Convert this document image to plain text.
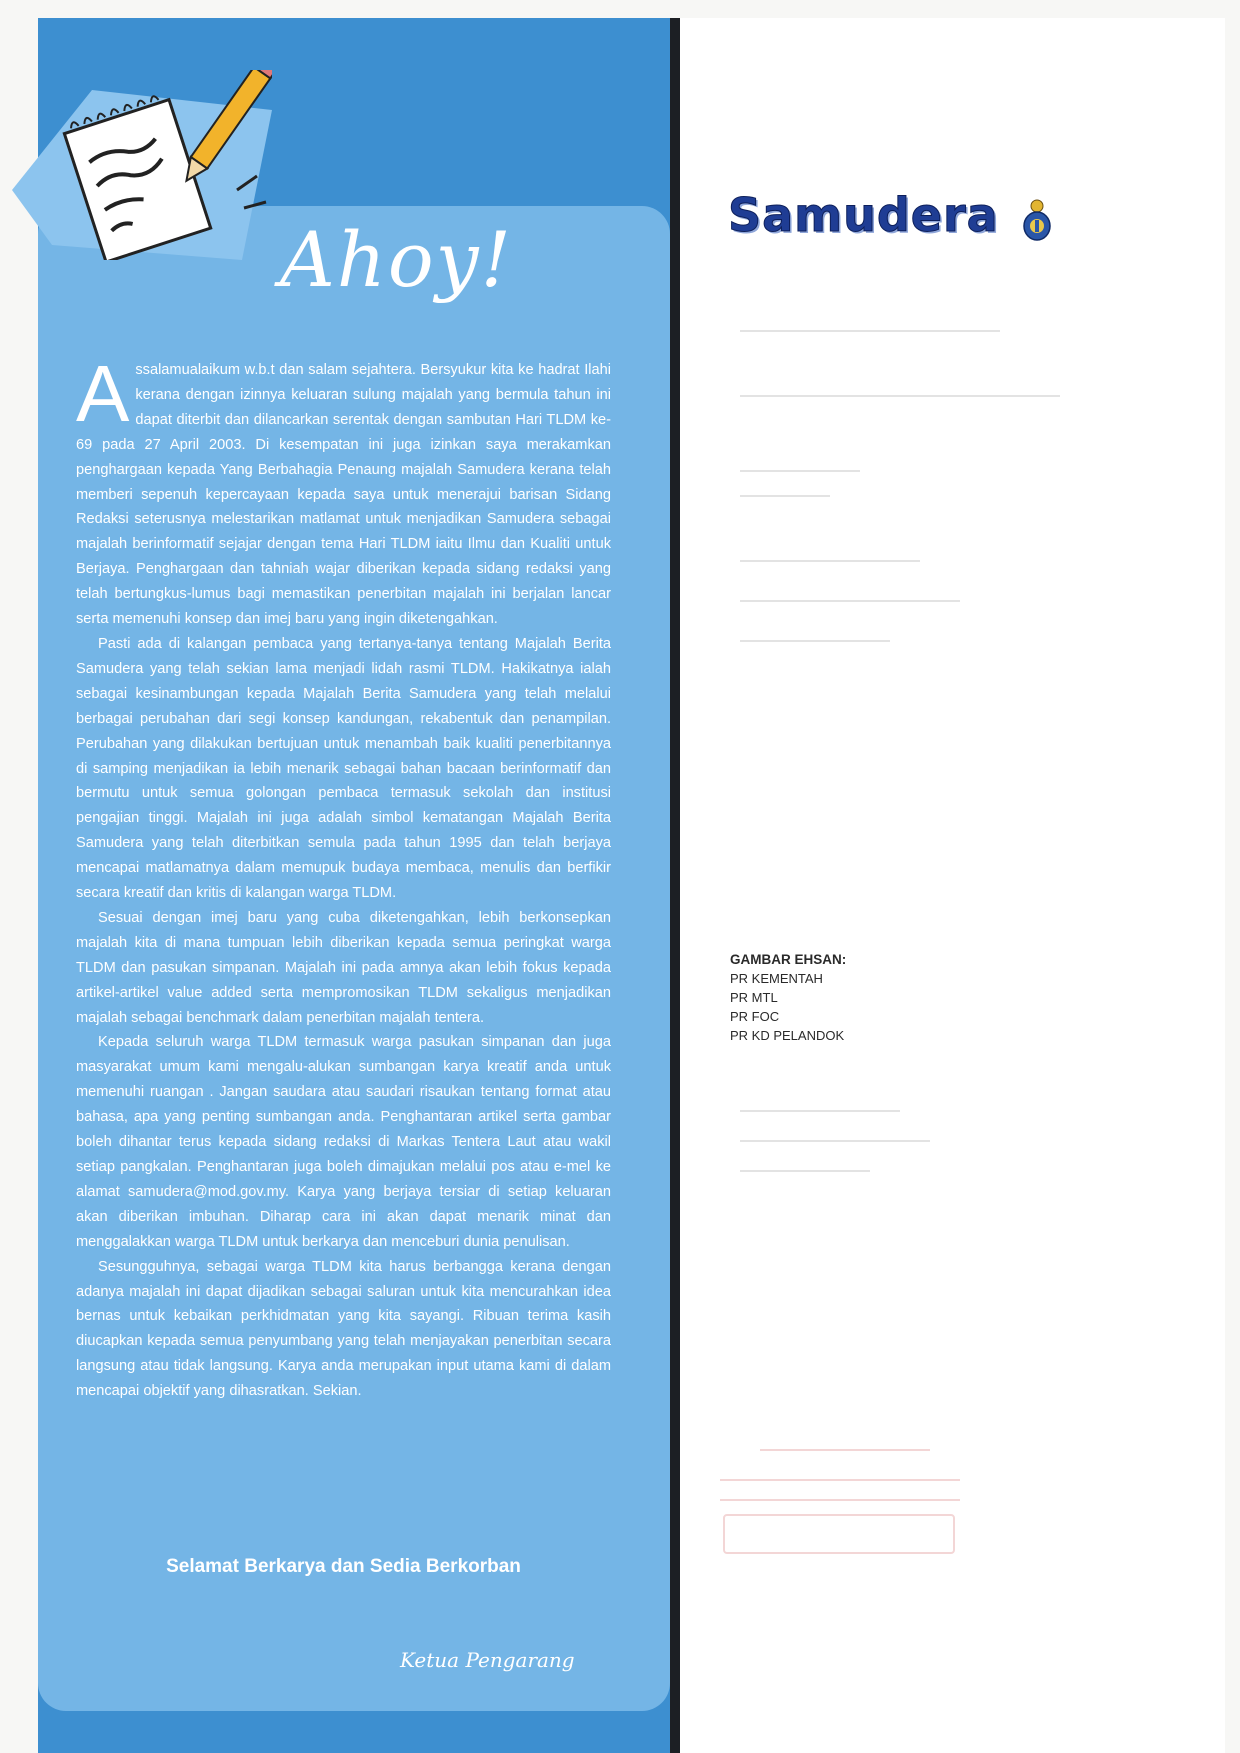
Ahoy!

Assalamualaikum w.b.t dan salam sejahtera. Bersyukur kita ke hadrat Ilahi kerana dengan izinnya keluaran sulung majalah yang bermula tahun ini dapat diterbit dan dilancarkan serentak dengan sambutan Hari TLDM ke-69 pada 27 April 2003. Di kesempatan ini juga izinkan saya merakamkan penghargaan kepada Yang Berbahagia Penaung majalah Samudera kerana telah memberi sepenuh kepercayaan kepada saya untuk menerajui barisan Sidang Redaksi seterusnya melestarikan matlamat untuk menjadikan Samudera sebagai majalah berinformatif sejajar dengan tema Hari TLDM iaitu Ilmu dan Kualiti untuk Berjaya. Penghargaan dan tahniah wajar diberikan kepada sidang redaksi yang telah bertungkus-lumus bagi memastikan penerbitan majalah ini berjalan lancar serta memenuhi konsep dan imej baru yang ingin diketengahkan.

Pasti ada di kalangan pembaca yang tertanya-tanya tentang Majalah Berita Samudera yang telah sekian lama menjadi lidah rasmi TLDM. Hakikatnya ialah sebagai kesinambungan kepada Majalah Berita Samudera yang telah melalui berbagai perubahan dari segi konsep kandungan, rekabentuk dan penampilan. Perubahan yang dilakukan bertujuan untuk menambah baik kualiti penerbitannya di samping menjadikan ia lebih menarik sebagai bahan bacaan berinformatif dan bermutu untuk semua golongan pembaca termasuk sekolah dan institusi pengajian tinggi. Majalah ini juga adalah simbol kematangan Majalah Berita Samudera yang telah diterbitkan semula pada tahun 1995 dan telah berjaya mencapai matlamatnya dalam memupuk budaya membaca, menulis dan berfikir secara kreatif dan kritis di kalangan warga TLDM.

Sesuai dengan imej baru yang cuba diketengahkan, lebih berkonsepkan majalah kita di mana tumpuan lebih diberikan kepada semua peringkat warga TLDM dan pasukan simpanan. Majalah ini pada amnya akan lebih fokus kepada artikel-artikel value added serta mempromosikan TLDM sekaligus menjadikan majalah sebagai benchmark dalam penerbitan majalah tentera.

Kepada seluruh warga TLDM termasuk warga pasukan simpanan dan juga masyarakat umum kami mengalu-alukan sumbangan karya kreatif anda untuk memenuhi ruangan . Jangan saudara atau saudari risaukan tentang format atau bahasa, apa yang penting sumbangan anda. Penghantaran artikel serta gambar boleh dihantar terus kepada sidang redaksi di Markas Tentera Laut atau wakil setiap pangkalan. Penghantaran juga boleh dimajukan melalui pos atau e-mel ke alamat samudera@mod.gov.my. Karya yang berjaya tersiar di setiap keluaran akan diberikan imbuhan. Diharap cara ini akan dapat menarik minat dan menggalakkan warga TLDM untuk berkarya dan menceburi dunia penulisan.

Sesungguhnya, sebagai warga TLDM kita harus berbangga kerana dengan adanya majalah ini dapat dijadikan sebagai saluran untuk kita mencurahkan idea bernas untuk kebaikan perkhidmatan yang kita sayangi. Ribuan terima kasih diucapkan kepada semua penyumbang yang telah menjayakan penerbitan secara langsung atau tidak langsung. Karya anda merupakan input utama kami di dalam mencapai objektif yang dihasratkan. Sekian.

Selamat Berkarya dan Sedia Berkorban
Ketua Pengarang
Samudera
GAMBAR EHSAN:
PR KEMENTAH
PR MTL
PR FOC
PR KD PELANDOK
